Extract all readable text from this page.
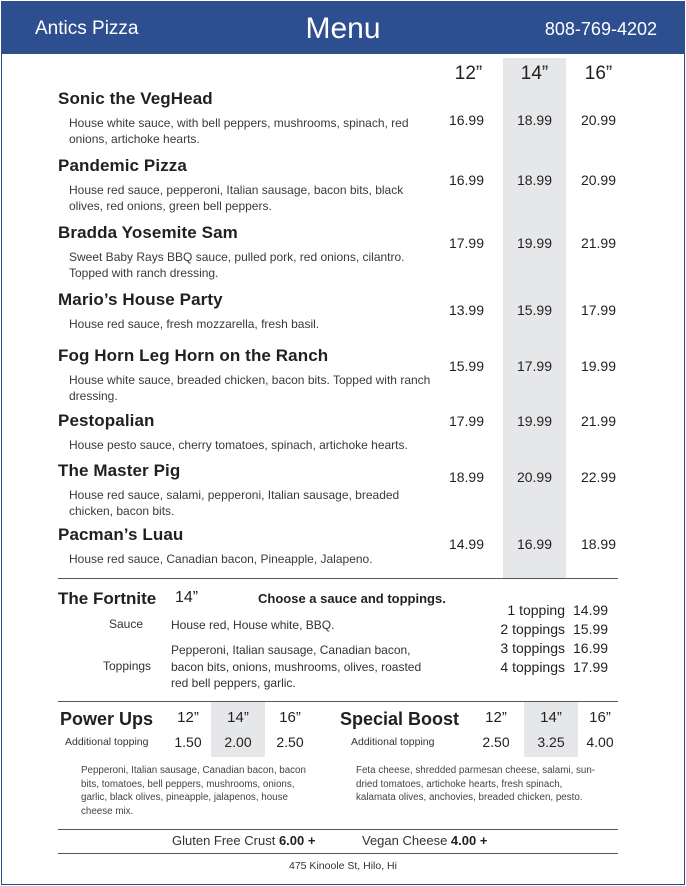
Antics Pizza	Menu	808-769-4202
12”	14”	16”
Sonic the VegHead
House white sauce, with bell peppers, mushrooms, spinach, red onions, artichoke hearts.
16.99	18.99	20.99
Pandemic Pizza
House red sauce, pepperoni, Italian sausage, bacon bits, black olives, red onions, green bell peppers.
16.99	18.99	20.99
Bradda Yosemite Sam
Sweet Baby Rays BBQ sauce, pulled pork, red onions, cilantro. Topped with ranch dressing.
17.99	19.99	21.99
Mario’s House Party
House red sauce, fresh mozzarella, fresh basil.
13.99	15.99	17.99
Fog Horn Leg Horn on the Ranch
House white sauce, breaded chicken, bacon bits. Topped with ranch dressing.
15.99	17.99	19.99
Pestopalian
House pesto sauce, cherry tomatoes, spinach, artichoke hearts.
17.99	19.99	21.99
The Master Pig
House red sauce, salami, pepperoni, Italian sausage, breaded chicken, bacon bits.
18.99	20.99	22.99
Pacman’s Luau
House red sauce, Canadian bacon, Pineapple, Jalapeno.
14.99	16.99	18.99
The Fortnite 14”	Choose a sauce and toppings.
Sauce House red, House white, BBQ.
Toppings
Pepperoni, Italian sausage, Canadian bacon, bacon bits, onions, mushrooms, olives, roasted red bell peppers, garlic.
1 topping 14.99
2 toppings 15.99
3 toppings 16.99
4 toppings 17.99
Power Ups	12”	14”	16”
Additional topping	1.50	2.00	2.50
Pepperoni, Italian sausage, Canadian bacon, bacon bits, tomatoes, bell peppers, mushrooms, onions, garlic, black olives, pineapple, jalapenos, house cheese mix.
Special Boost	12”	14”	16”
Additional topping	2.50	3.25	4.00
Feta cheese, shredded parmesan cheese, salami, sun-dried tomatoes, artichoke hearts, fresh spinach, kalamata olives, anchovies, breaded chicken, pesto.
Gluten Free Crust 6.00 +	Vegan Cheese 4.00 +
475 Kinoole St, Hilo, Hi
